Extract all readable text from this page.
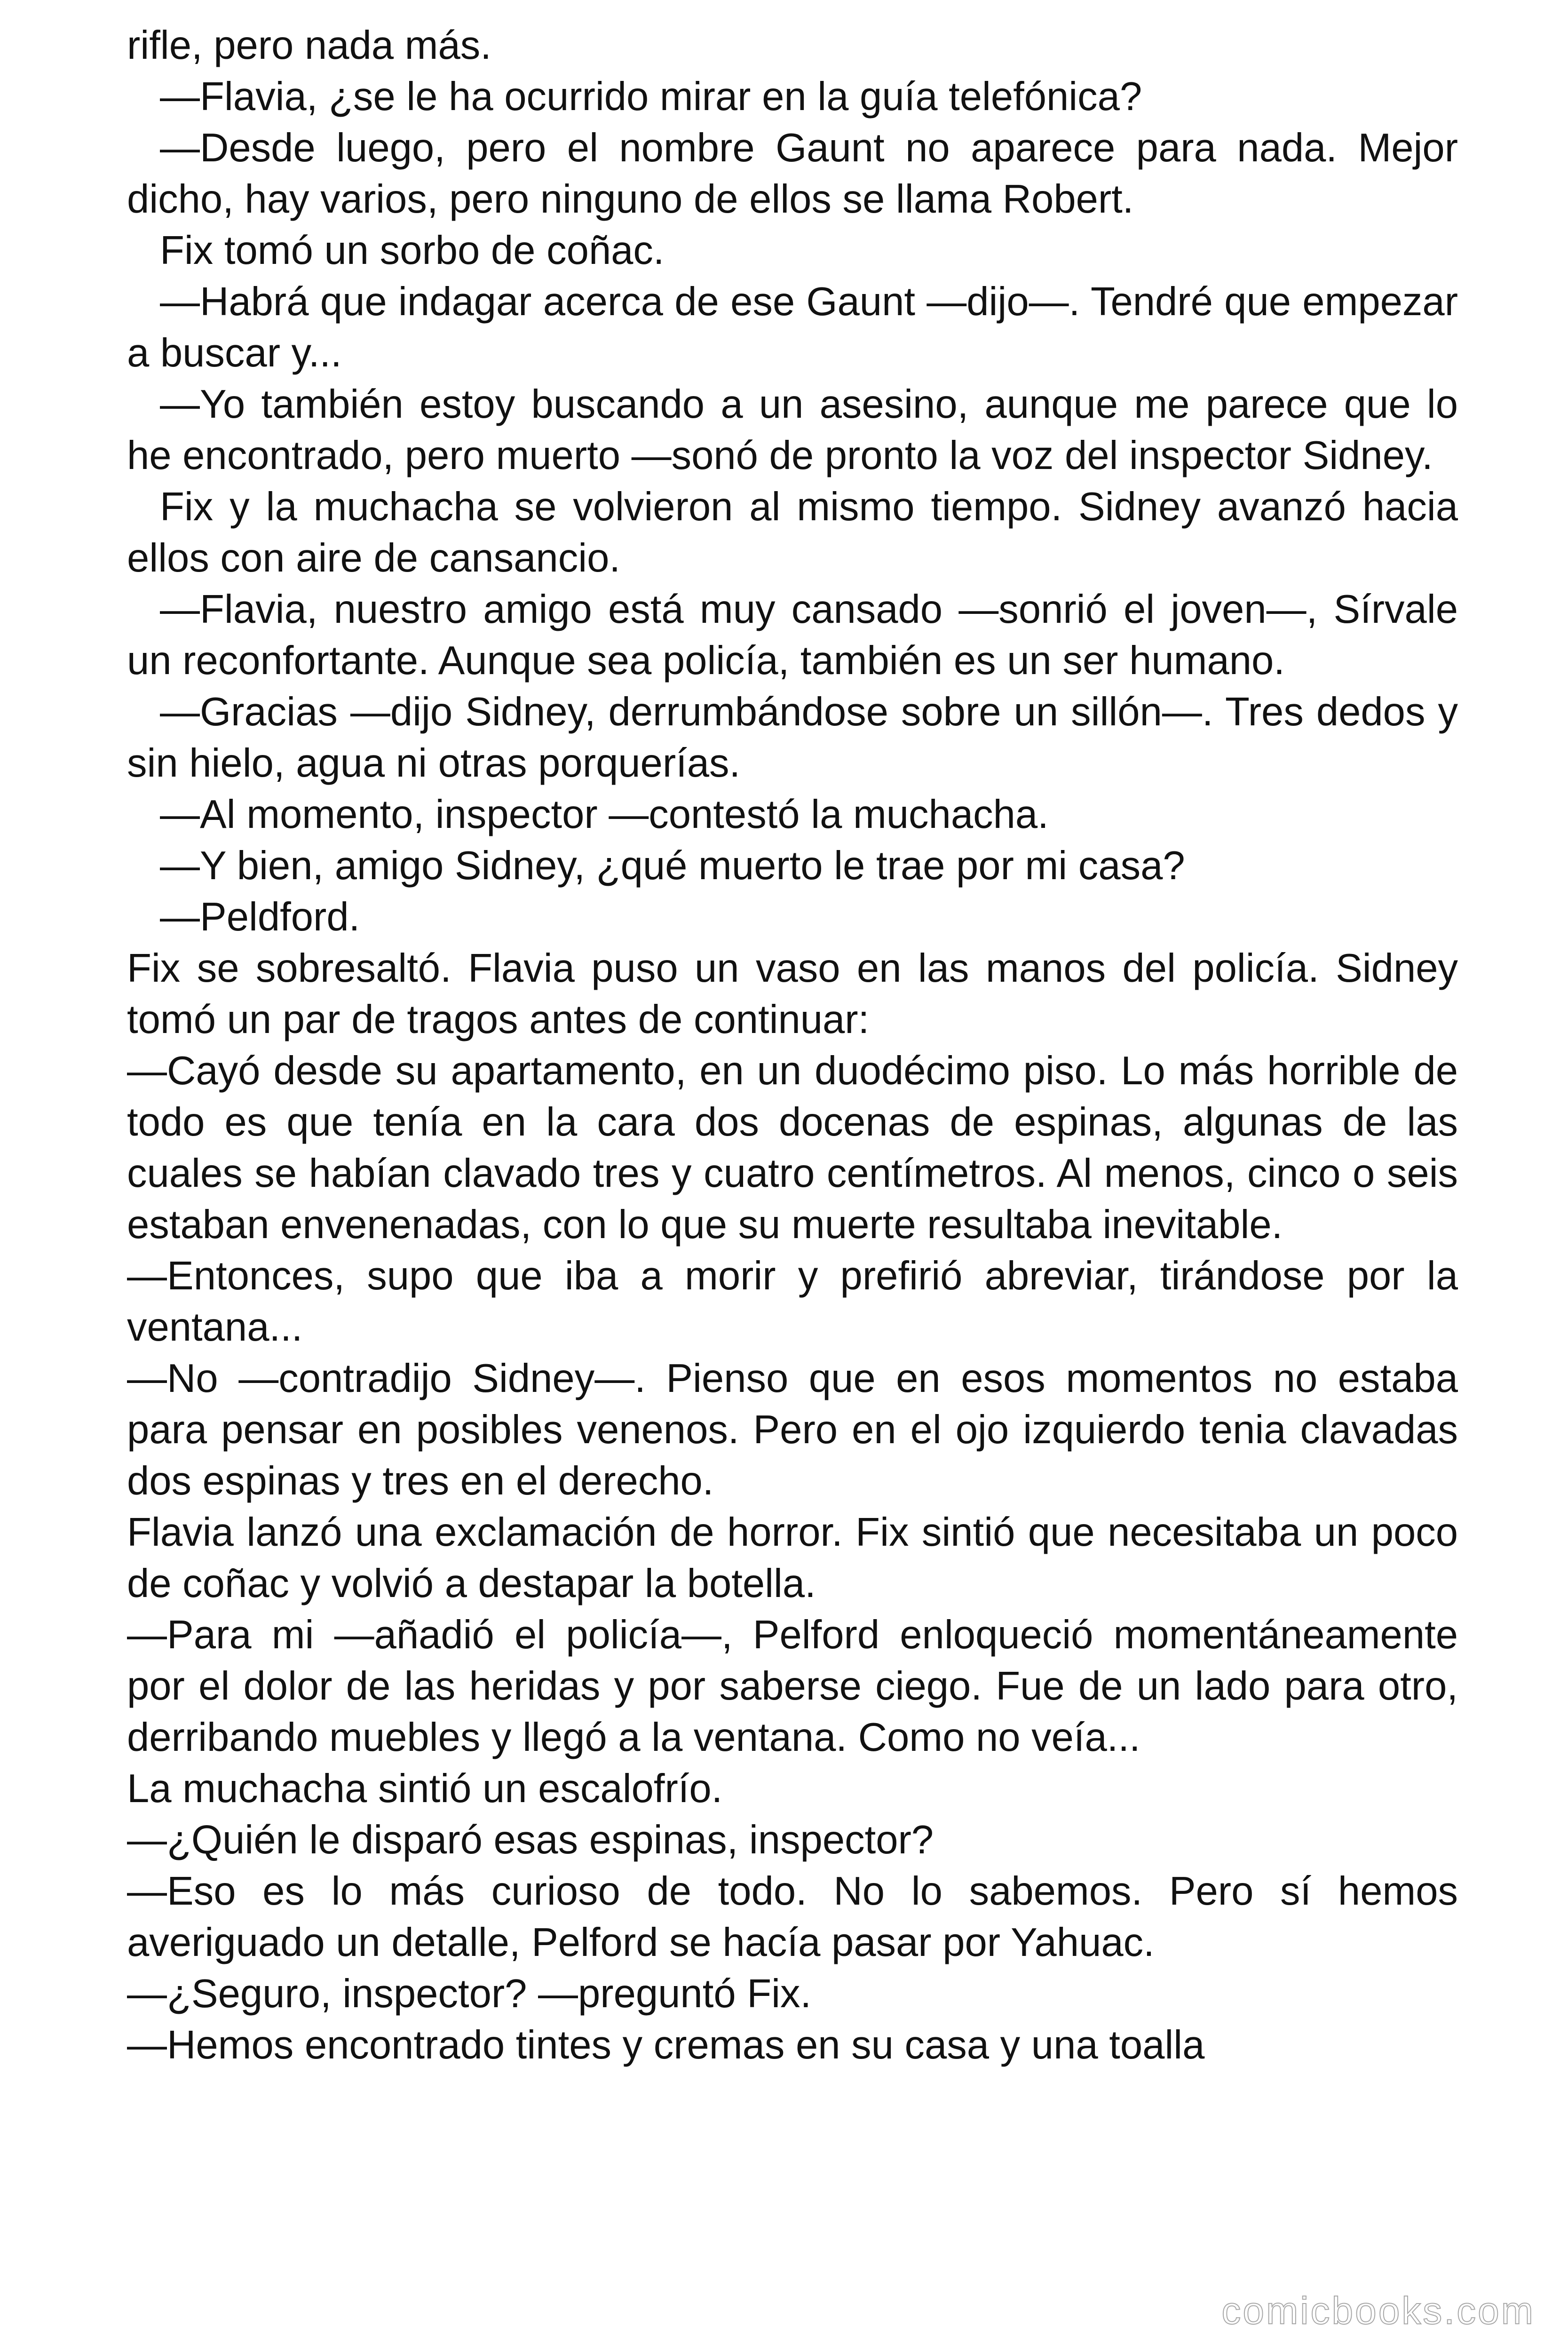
rifle, pero nada más.
—Flavia, ¿se le ha ocurrido mirar en la guía telefónica?
—Desde luego, pero el nombre Gaunt no aparece para nada. Mejor dicho, hay varios, pero ninguno de ellos se llama Robert.
Fix tomó un sorbo de coñac.
—Habrá que indagar acerca de ese Gaunt —dijo—. Tendré que empezar a buscar y...
—Yo también estoy buscando a un asesino, aunque me parece que lo he encontrado, pero muerto —sonó de pronto la voz del inspector Sidney.
Fix y la muchacha se volvieron al mismo tiempo. Sidney avanzó hacia ellos con aire de cansancio.
—Flavia, nuestro amigo está muy cansado —sonrió el joven—, Sírvale un reconfortante. Aunque sea policía, también es un ser humano.
—Gracias —dijo Sidney, derrumbándose sobre un sillón—. Tres dedos y sin hielo, agua ni otras porquerías.
—Al momento, inspector —contestó la muchacha.
—Y bien, amigo Sidney, ¿qué muerto le trae por mi casa?
—Peldford.
Fix se sobresaltó. Flavia puso un vaso en las manos del policía. Sidney tomó un par de tragos antes de continuar:
—Cayó desde su apartamento, en un duodécimo piso. Lo más horrible de todo es que tenía en la cara dos docenas de espinas, algunas de las cuales se habían clavado tres y cuatro centímetros. Al menos, cinco o seis estaban envenenadas, con lo que su muerte resultaba inevitable.
—Entonces, supo que iba a morir y prefirió abreviar, tirándose por la ventana...
—No —contradijo Sidney—. Pienso que en esos momentos no estaba para pensar en posibles venenos. Pero en el ojo izquierdo tenia clavadas dos espinas y tres en el derecho.
Flavia lanzó una exclamación de horror. Fix sintió que necesitaba un poco de coñac y volvió a destapar la botella.
—Para mi —añadió el policía—, Pelford enloqueció momentáneamente por el dolor de las heridas y por saberse ciego. Fue de un lado para otro, derribando muebles y llegó a la ventana. Como no veía...
La muchacha sintió un escalofrío.
—¿Quién le disparó esas espinas, inspector?
—Eso es lo más curioso de todo. No lo sabemos. Pero sí hemos averiguado un detalle, Pelford se hacía pasar por Yahuac.
—¿Seguro, inspector? —preguntó Fix.
—Hemos encontrado tintes y cremas en su casa y una toalla
comicbooks.com
